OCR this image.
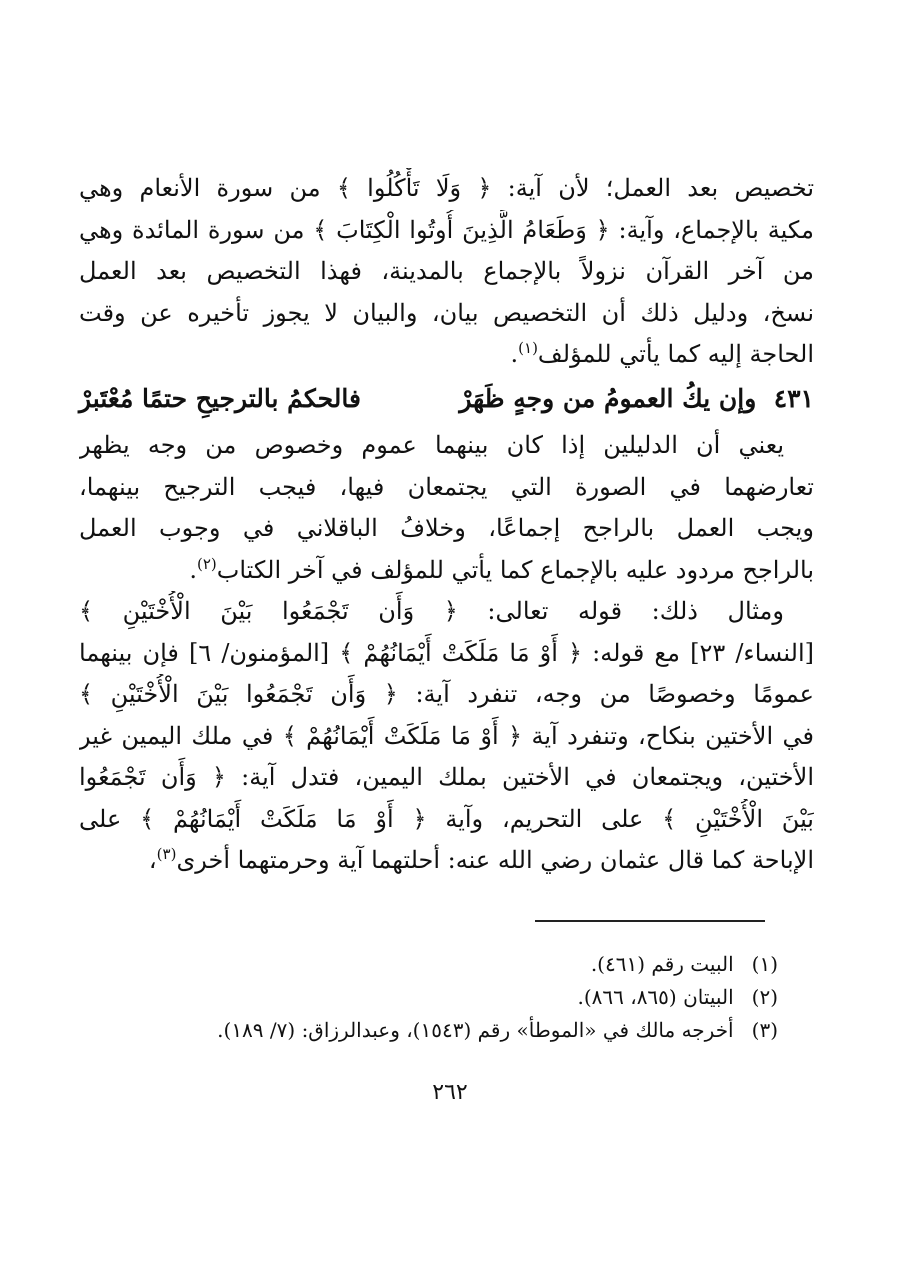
تخصيص بعد العمل؛ لأن آية: ﴿ وَلَا تَأْكُلُوا ﴾ من سورة الأنعام وهي
مكية بالإجماع، وآية: ﴿ وَطَعَامُ الَّذِينَ أُوتُوا الْكِتَابَ ﴾ من سورة المائدة وهي
من آخر القرآن نزولاً بالإجماع بالمدينة، فهذا التخصيص بعد العمل
نسخ، ودليل ذلك أن التخصيص بيان، والبيان لا يجوز تأخيره عن وقت
الحاجة إليه كما يأتي للمؤلف$^{(١)}$.
٤٣١  وإن يكُ العمومُ من وجهٍ ظَهَرْ
فالحكمُ بالترجيحِ حتمًا مُعْتَبرْ
يعني أن الدليلين إذا كان بينهما عموم وخصوص من وجه يظهر
تعارضهما في الصورة التي يجتمعان فيها، فيجب الترجيح بينهما،
ويجب العمل بالراجح إجماعًا، وخلافُ الباقلاني في وجوب العمل
بالراجح مردود عليه بالإجماع كما يأتي للمؤلف في آخر الكتاب$^{(٢)}$.
ومثال ذلك: قوله تعالى: ﴿ وَأَن تَجْمَعُوا بَيْنَ الْأُخْتَيْنِ ﴾
[النساء/ ٢٣] مع قوله: ﴿ أَوْ مَا مَلَكَتْ أَيْمَانُهُمْ ﴾ [المؤمنون/ ٦] فإن بينهما
عمومًا وخصوصًا من وجه، تنفرد آية: ﴿ وَأَن تَجْمَعُوا بَيْنَ الْأُخْتَيْنِ ﴾
في الأختين بنكاح، وتنفرد آية ﴿ أَوْ مَا مَلَكَتْ أَيْمَانُهُمْ ﴾ في ملك اليمين غير
الأختين، ويجتمعان في الأختين بملك اليمين، فتدل آية: ﴿ وَأَن تَجْمَعُوا
بَيْنَ الْأُخْتَيْنِ ﴾ على التحريم، وآية ﴿ أَوْ مَا مَلَكَتْ أَيْمَانُهُمْ ﴾ على
الإباحة كما قال عثمان رضي الله عنه: أحلتهما آية وحرمتهما أخرى$^{(٣)}$،
(١)
البيت رقم (٤٦١).
(٢)
البيتان (٨٦٥، ٨٦٦).
(٣)
أخرجه مالك في «الموطأ» رقم (١٥٤٣)، وعبدالرزاق: (٧/ ١٨٩).
٢٦٢
